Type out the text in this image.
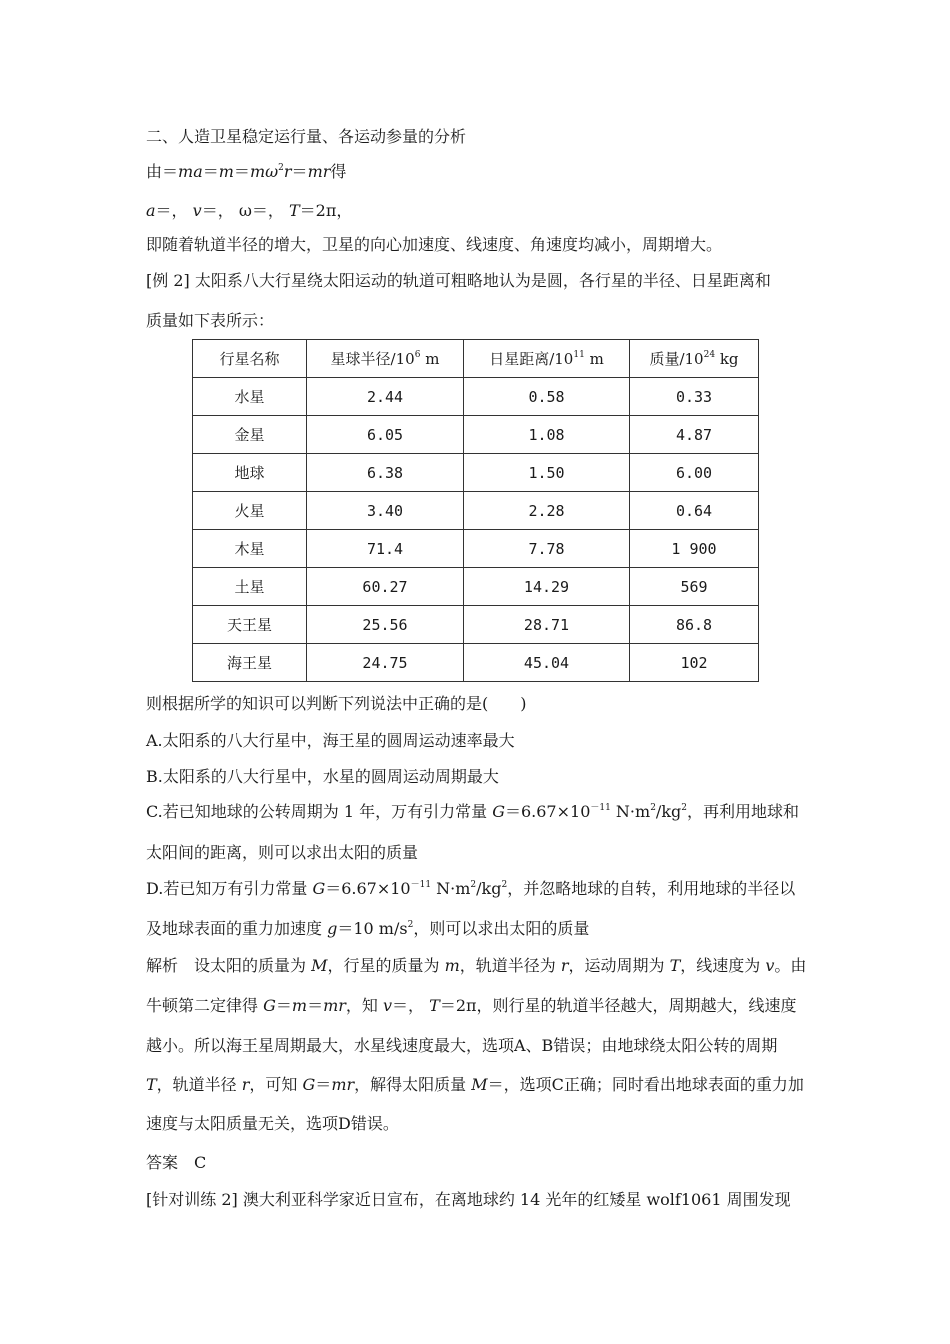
二、人造卫星稳定运行量、各运动参量的分析
由$=ma=m=m\omega^2r=mr$得
a＝， v＝， ω＝， T＝2π，
即随着轨道半径的增大，卫星的向心加速度、线速度、角速度均减小，周期增大。
[例 2] 太阳系八大行星绕太阳运动的轨道可粗略地认为是圆，各行星的半径、日星距离和
质量如下表所示：
行星名称	星球半径$/10^6$ m	日星距离$/10^{11}$ m	质量$/10^{24}$ kg
水星	2.44	0.58	0.33
金星	6.05	1.08	4.87
地球	6.38	1.50	6.00
火星	3.40	2.28	0.64
木星	71.4	7.78	1 900
土星	60.27	14.29	569
天王星	25.56	28.71	86.8
海王星	24.75	45.04	102
则根据所学的知识可以判断下列说法中正确的是(　　)
A.太阳系的八大行星中，海王星的圆周运动速率最大
B.太阳系的八大行星中，水星的圆周运动周期最大
C.若已知地球的公转周期为 1 年，万有引力常量 $G=6.67\times 10^{-11}$ $N\cdot m^2/kg^2$，再利用地球和
太阳间的距离，则可以求出太阳的质量
D.若已知万有引力常量 $G=6.67\times 10^{-11}$ $N\cdot m^2/kg^2$，并忽略地球的自转，利用地球的半径以
及地球表面的重力加速度 g＝10 $m/s^2$，则可以求出太阳的质量
解析　设太阳的质量为 M，行星的质量为 m，轨道半径为 r，运动周期为 T，线速度为 v。由
牛顿第二定律得 G＝m＝mr，知 v＝， T＝2π，则行星的轨道半径越大，周期越大，线速度
越小。所以海王星周期最大，水星线速度最大，选项A、B错误；由地球绕太阳公转的周期
T，轨道半径 r，可知 G＝mr，解得太阳质量 M＝，选项C正确；同时看出地球表面的重力加
速度与太阳质量无关，选项D错误。
答案　C
[针对训练 2] 澳大利亚科学家近日宣布，在离地球约 14 光年的红矮星 wolf1061 周围发现
